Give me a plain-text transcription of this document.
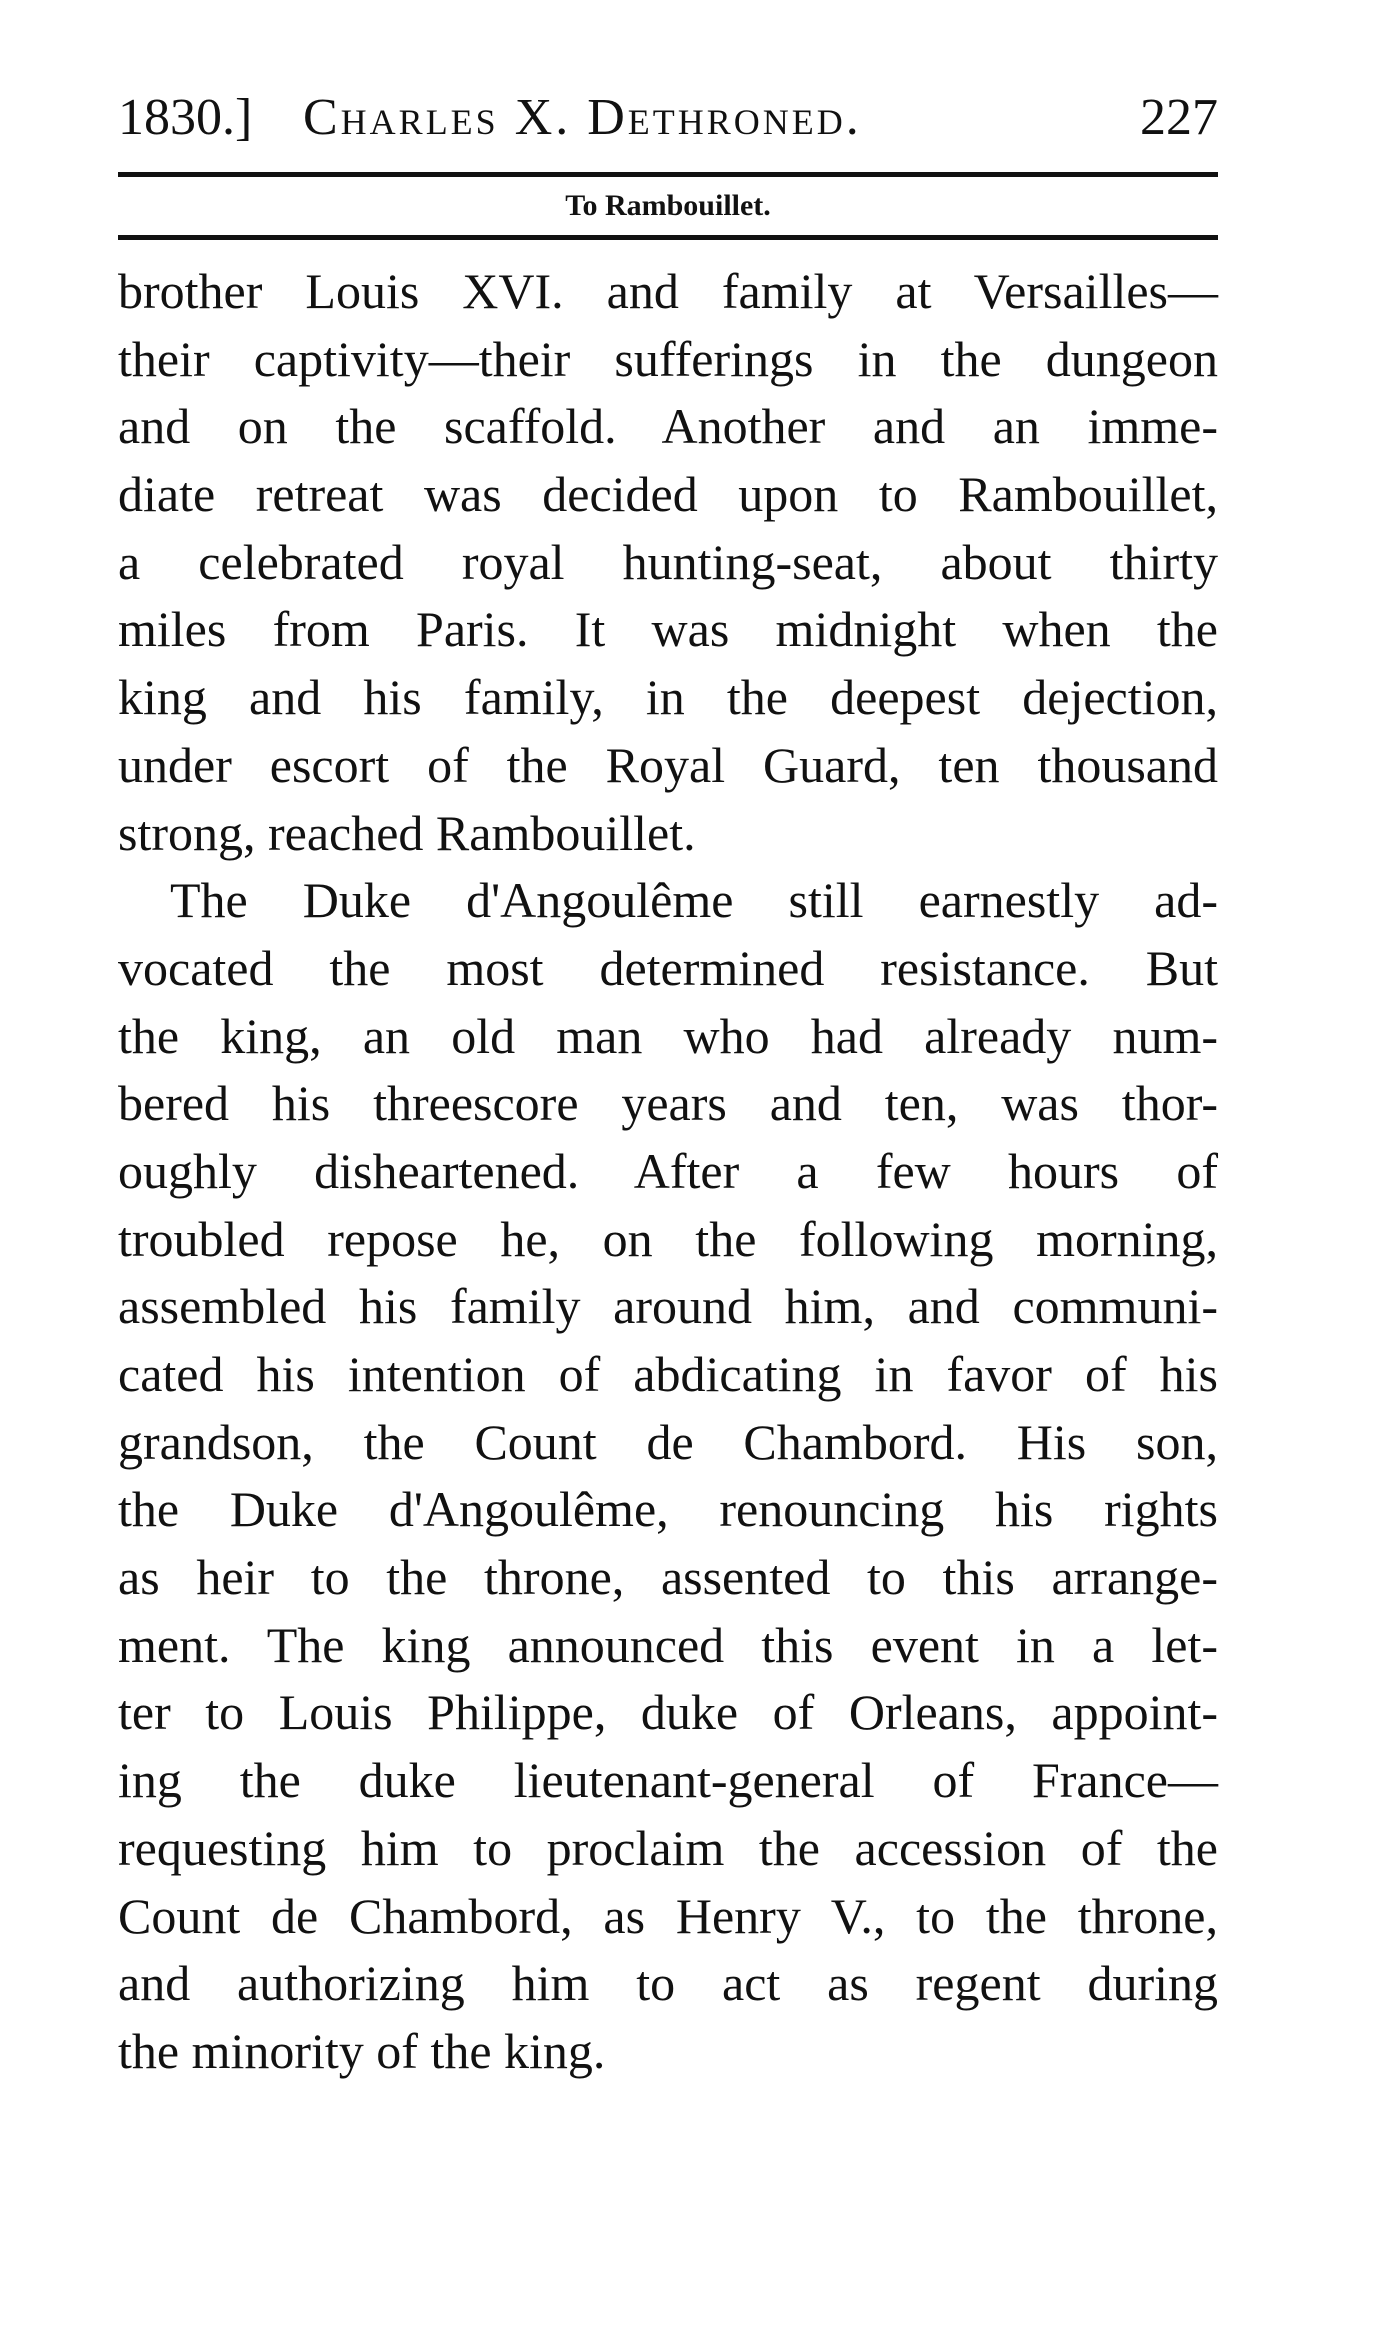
1830.] Charles X. Dethroned.	227
To Rambouillet.
brother Louis XVI. and family at Versailles—
their captivity—their sufferings in the dungeon
and on the scaffold. Another and an imme-
diate retreat was decided upon to Rambouillet,
a celebrated royal hunting-seat, about thirty
miles from Paris. It was midnight when the
king and his family, in the deepest dejection,
under escort of the Royal Guard, ten thousand
strong, reached Rambouillet.
The Duke d'Angoulême still earnestly ad-
vocated the most determined resistance. But
the king, an old man who had already num-
bered his threescore years and ten, was thor-
oughly disheartened. After a few hours of
troubled repose he, on the following morning,
assembled his family around him, and communi-
cated his intention of abdicating in favor of his
grandson, the Count de Chambord. His son,
the Duke d'Angoulême, renouncing his rights
as heir to the throne, assented to this arrange-
ment. The king announced this event in a let-
ter to Louis Philippe, duke of Orleans, appoint-
ing the duke lieutenant-general of France—
requesting him to proclaim the accession of the
Count de Chambord, as Henry V., to the throne,
and authorizing him to act as regent during
the minority of the king.
